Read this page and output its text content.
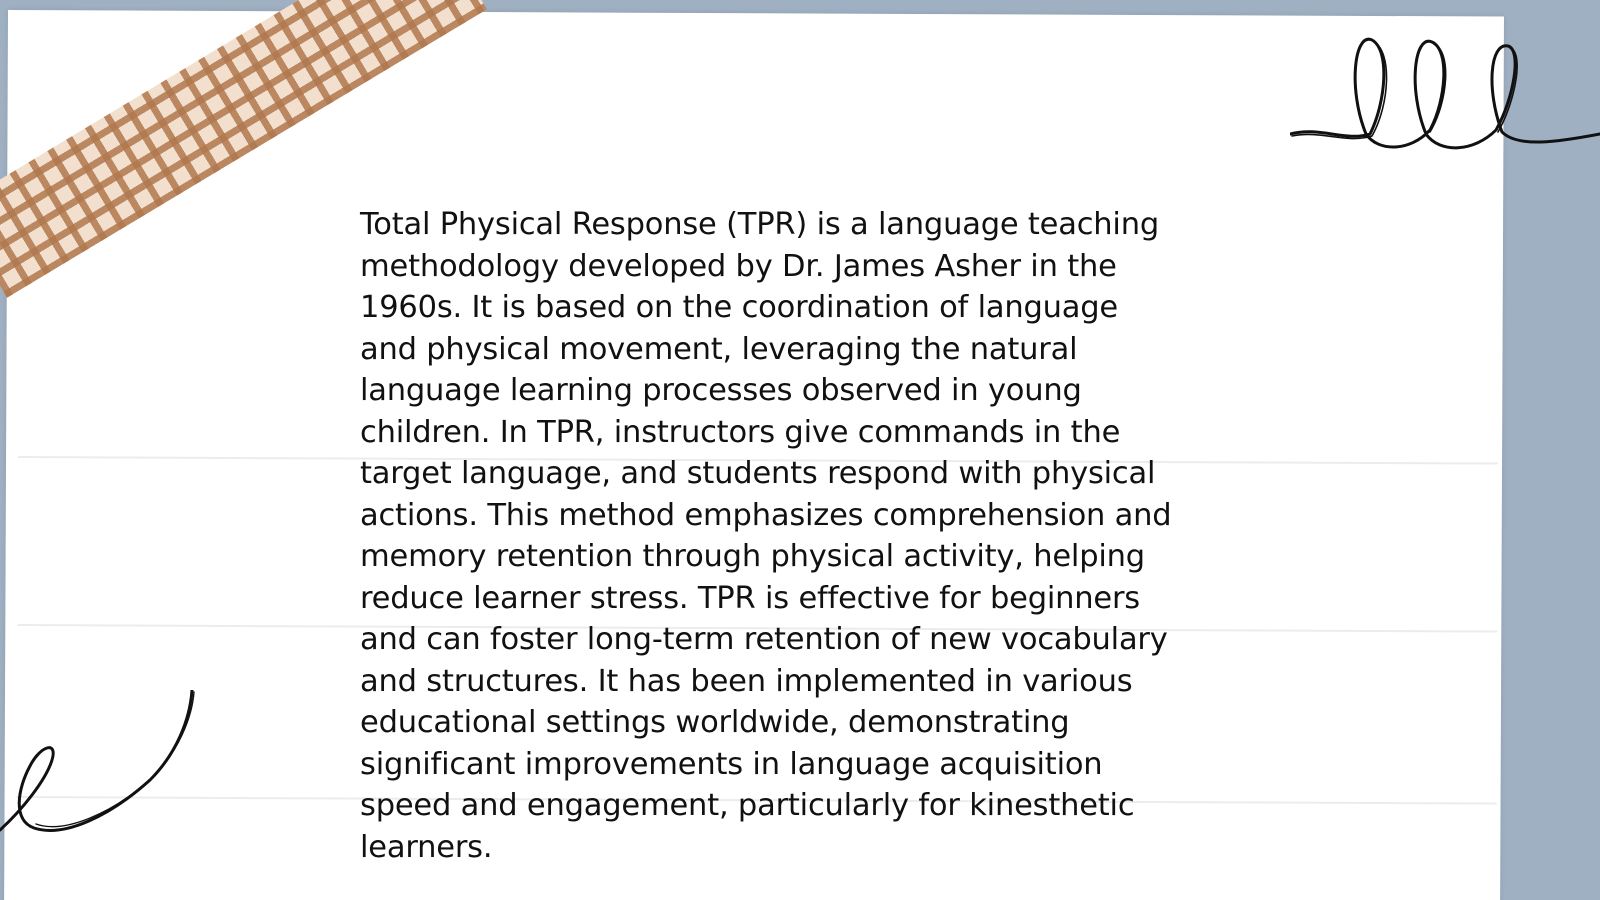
Total Physical Response (TPR) is a language teaching
methodology developed by Dr. James Asher in the
1960s. It is based on the coordination of language
and physical movement, leveraging the natural
language learning processes observed in young
children. In TPR, instructors give commands in the
target language, and students respond with physical
actions. This method emphasizes comprehension and
memory retention through physical activity, helping
reduce learner stress. TPR is effective for beginners
and can foster long-term retention of new vocabulary
and structures. It has been implemented in various
educational settings worldwide, demonstrating
significant improvements in language acquisition
speed and engagement, particularly for kinesthetic
learners.
